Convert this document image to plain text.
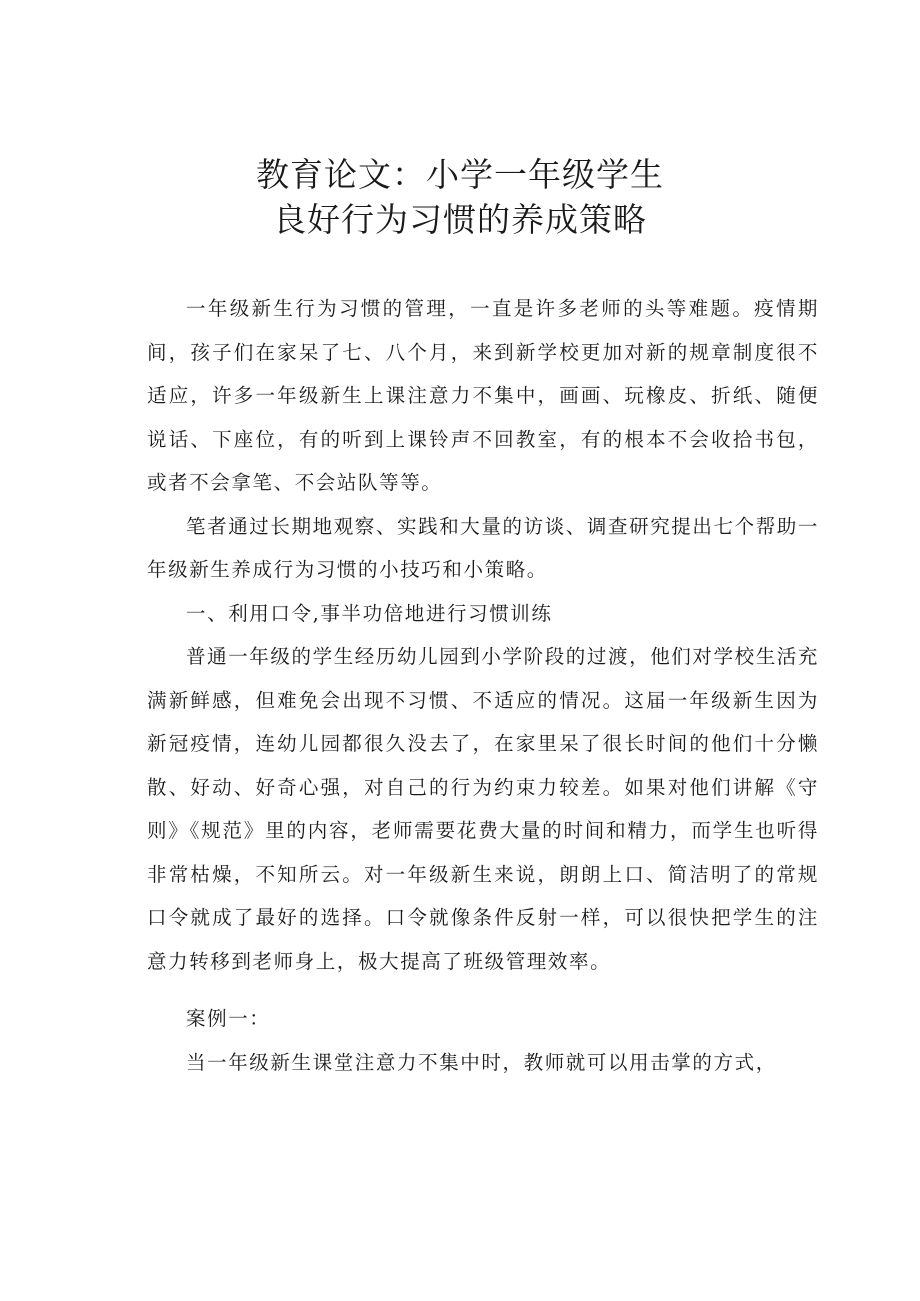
教育论文：小学一年级学生
良好行为习惯的养成策略

一年级新生行为习惯的管理，一直是许多老师的头等难题。疫情期间，孩子们在家呆了七、八个月，来到新学校更加对新的规章制度很不适应，许多一年级新生上课注意力不集中，画画、玩橡皮、折纸、随便说话、下座位，有的听到上课铃声不回教室，有的根本不会收拾书包，或者不会拿笔、不会站队等等。

笔者通过长期地观察、实践和大量的访谈、调查研究提出七个帮助一年级新生养成行为习惯的小技巧和小策略。

一、利用口令,事半功倍地进行习惯训练

普通一年级的学生经历幼儿园到小学阶段的过渡，他们对学校生活充满新鲜感，但难免会出现不习惯、不适应的情况。这届一年级新生因为新冠疫情，连幼儿园都很久没去了，在家里呆了很长时间的他们十分懒散、好动、好奇心强，对自己的行为约束力较差。如果对他们讲解《守则》《规范》里的内容，老师需要花费大量的时间和精力，而学生也听得非常枯燥，不知所云。对一年级新生来说，朗朗上口、简洁明了的常规口令就成了最好的选择。口令就像条件反射一样，可以很快把学生的注意力转移到老师身上，极大提高了班级管理效率。

案例一：

当一年级新生课堂注意力不集中时，教师就可以用击掌的方式，
